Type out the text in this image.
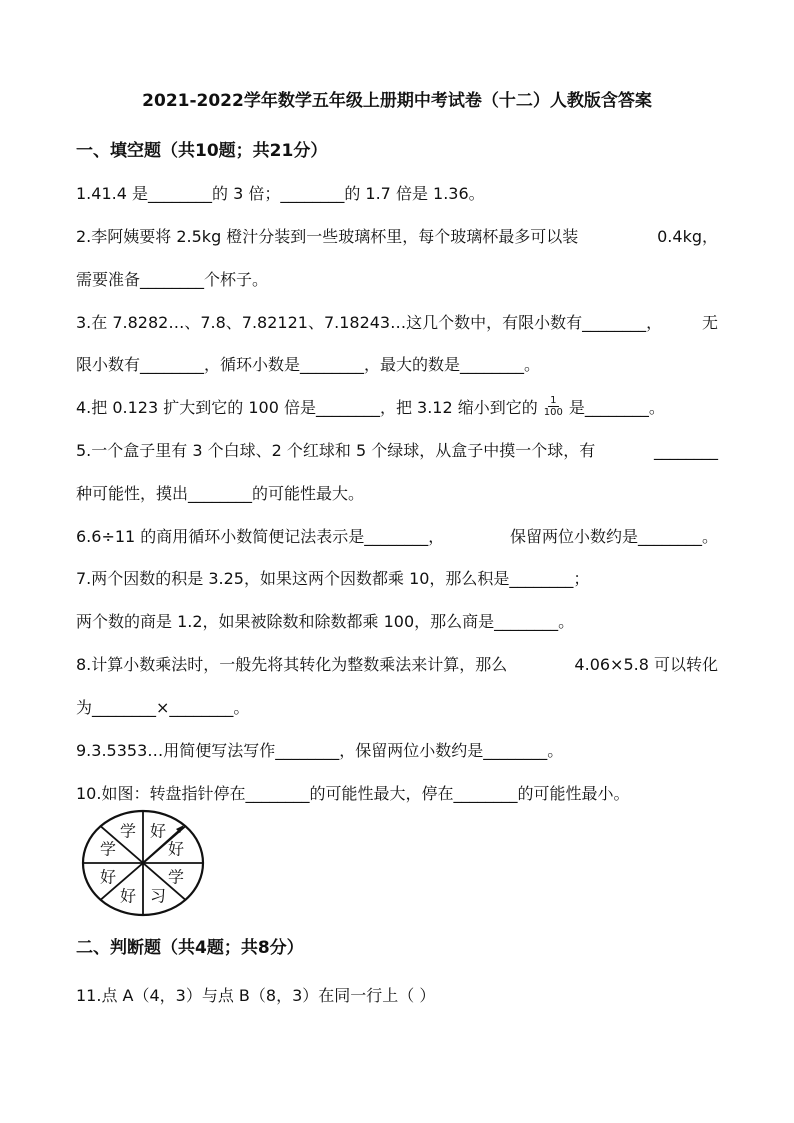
2021-2022学年数学五年级上册期中考试卷（十二）人教版含答案
一、填空题（共10题；共21分）
1.41.4 是________的 3 倍；________的 1.7 倍是 1.36。
2.李阿姨要将 2.5kg 橙汁分装到一些玻璃杯里，每个玻璃杯最多可以装	0.4kg，
需要准备________个杯子。
3.在 7.8282…、7.8、7.82121、7.18243…这几个数中，有限小数有________， 无
限小数有________，循环小数是________，最大的数是________。
4.把 0.123 扩大到它的 100 倍是________，把 3.12 缩小到它的 $\frac{1}{100}$ 是________。
5.一个盒子里有 3 个白球、2 个红球和 5 个绿球，从盒子中摸一个球，有	________
种可能性，摸出________的可能性最大。
6.6÷11 的商用循环小数简便记法表示是________，	保留两位小数约是________。
7.两个因数的积是 3.25，如果这两个因数都乘 10，那么积是________；
两个数的商是 1.2，如果被除数和除数都乘 100，那么商是________。
8.计算小数乘法时，一般先将其转化为整数乘法来计算，那么	4.06×5.8 可以转化
为________×________。
9.3.5353…用简便写法写作________，保留两位小数约是________。
10.如图：转盘指针停在________的可能性最大，停在________的可能性最小。
好
好
学
习
好
好
学
学
二、判断题（共4题；共8分）
11.点 A（4，3）与点 B（8，3）在同一行上（ ）
